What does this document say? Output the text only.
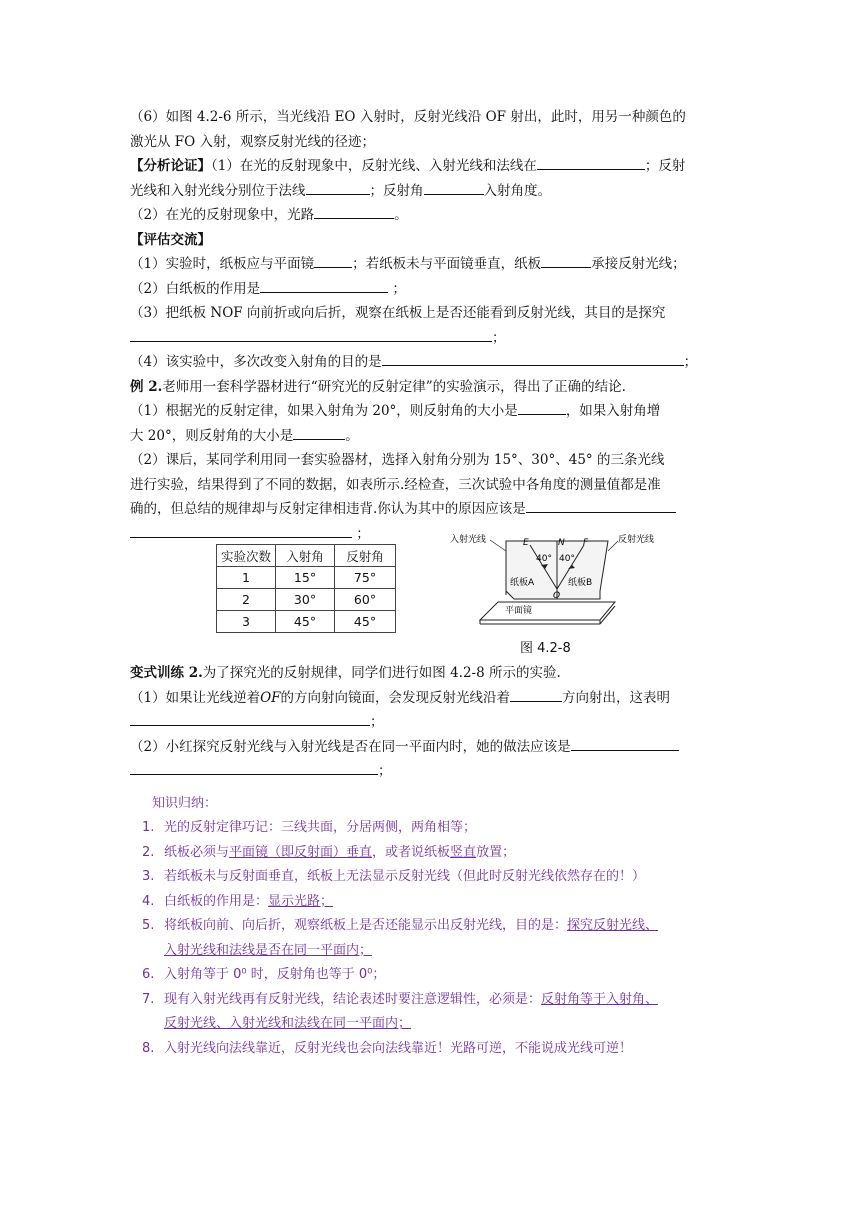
（6）如图 4.2-6 所示，当光线沿 EO 入射时，反射光线沿 OF 射出，此时，用另一种颜色的
激光从 FO 入射，观察反射光线的径迹；
【分析论证】（1）在光的反射现象中，反射光线、入射光线和法线在	；反射
光线和入射光线分别位于法线	；反射角	入射角度。
（2）在光的反射现象中，光路	。
【评估交流】
（1）实验时，纸板应与平面镜	；若纸板未与平面镜垂直，纸板	承接反射光线；
（2）白纸板的作用是	；
（3）把纸板 NOF 向前折或向后折，观察在纸板上是否还能看到反射光线，其目的是探究
；
（4）该实验中，多次改变入射角的目的是	；
例 2.老师用一套科学器材进行“研究光的反射定律”的实验演示，得出了正确的结论.
（1）根据光的反射定律，如果入射角为 20°，则反射角的大小是	，如果入射角增
大 20°，则反射角的大小是	。
（2）课后，某同学利用同一套实验器材，选择入射角分别为 15°、30°、45° 的三条光线
进行实验，结果得到了不同的数据，如表所示.经检查，三次试验中各角度的测量值都是准
确的，但总结的规律却与反射定律相违背.你认为其中的原因应该是
；
实验次数	入射角	反射角
1	15°	75°
2	30°	60°
3	45°	45°
入射光线	反射光线
E	N F
40° 40°
纸板A	纸板B
O
平面镜
图 4.2-8
变式训练 2.为了探究光的反射规律，同学们进行如图 4.2-8 所示的实验.
（1）如果让光线逆着OF的方向射向镜面，会发现反射光线沿着	方向射出，这表明
；
（2）小红探究反射光线与入射光线是否在同一平面内时，她的做法应该是
；
知识归纳：
1. 光的反射定律巧记：三线共面，分居两侧，两角相等；
2. 纸板必须与平面镜（即反射面）垂直，或者说纸板竖直放置；
3. 若纸板未与反射面垂直，纸板上无法显示反射光线（但此时反射光线依然存在的！）
4. 白纸板的作用是：显示光路；
5. 将纸板向前、向后折，观察纸板上是否还能显示出反射光线，目的是：探究反射光线、
入射光线和法线是否在同一平面内；
6. 入射角等于 0⁰ 时，反射角也等于 0⁰；
7. 现有入射光线再有反射光线，结论表述时要注意逻辑性，必须是：反射角等于入射角、
反射光线、入射光线和法线在同一平面内；
8. 入射光线向法线靠近，反射光线也会向法线靠近！光路可逆，不能说成光线可逆！
